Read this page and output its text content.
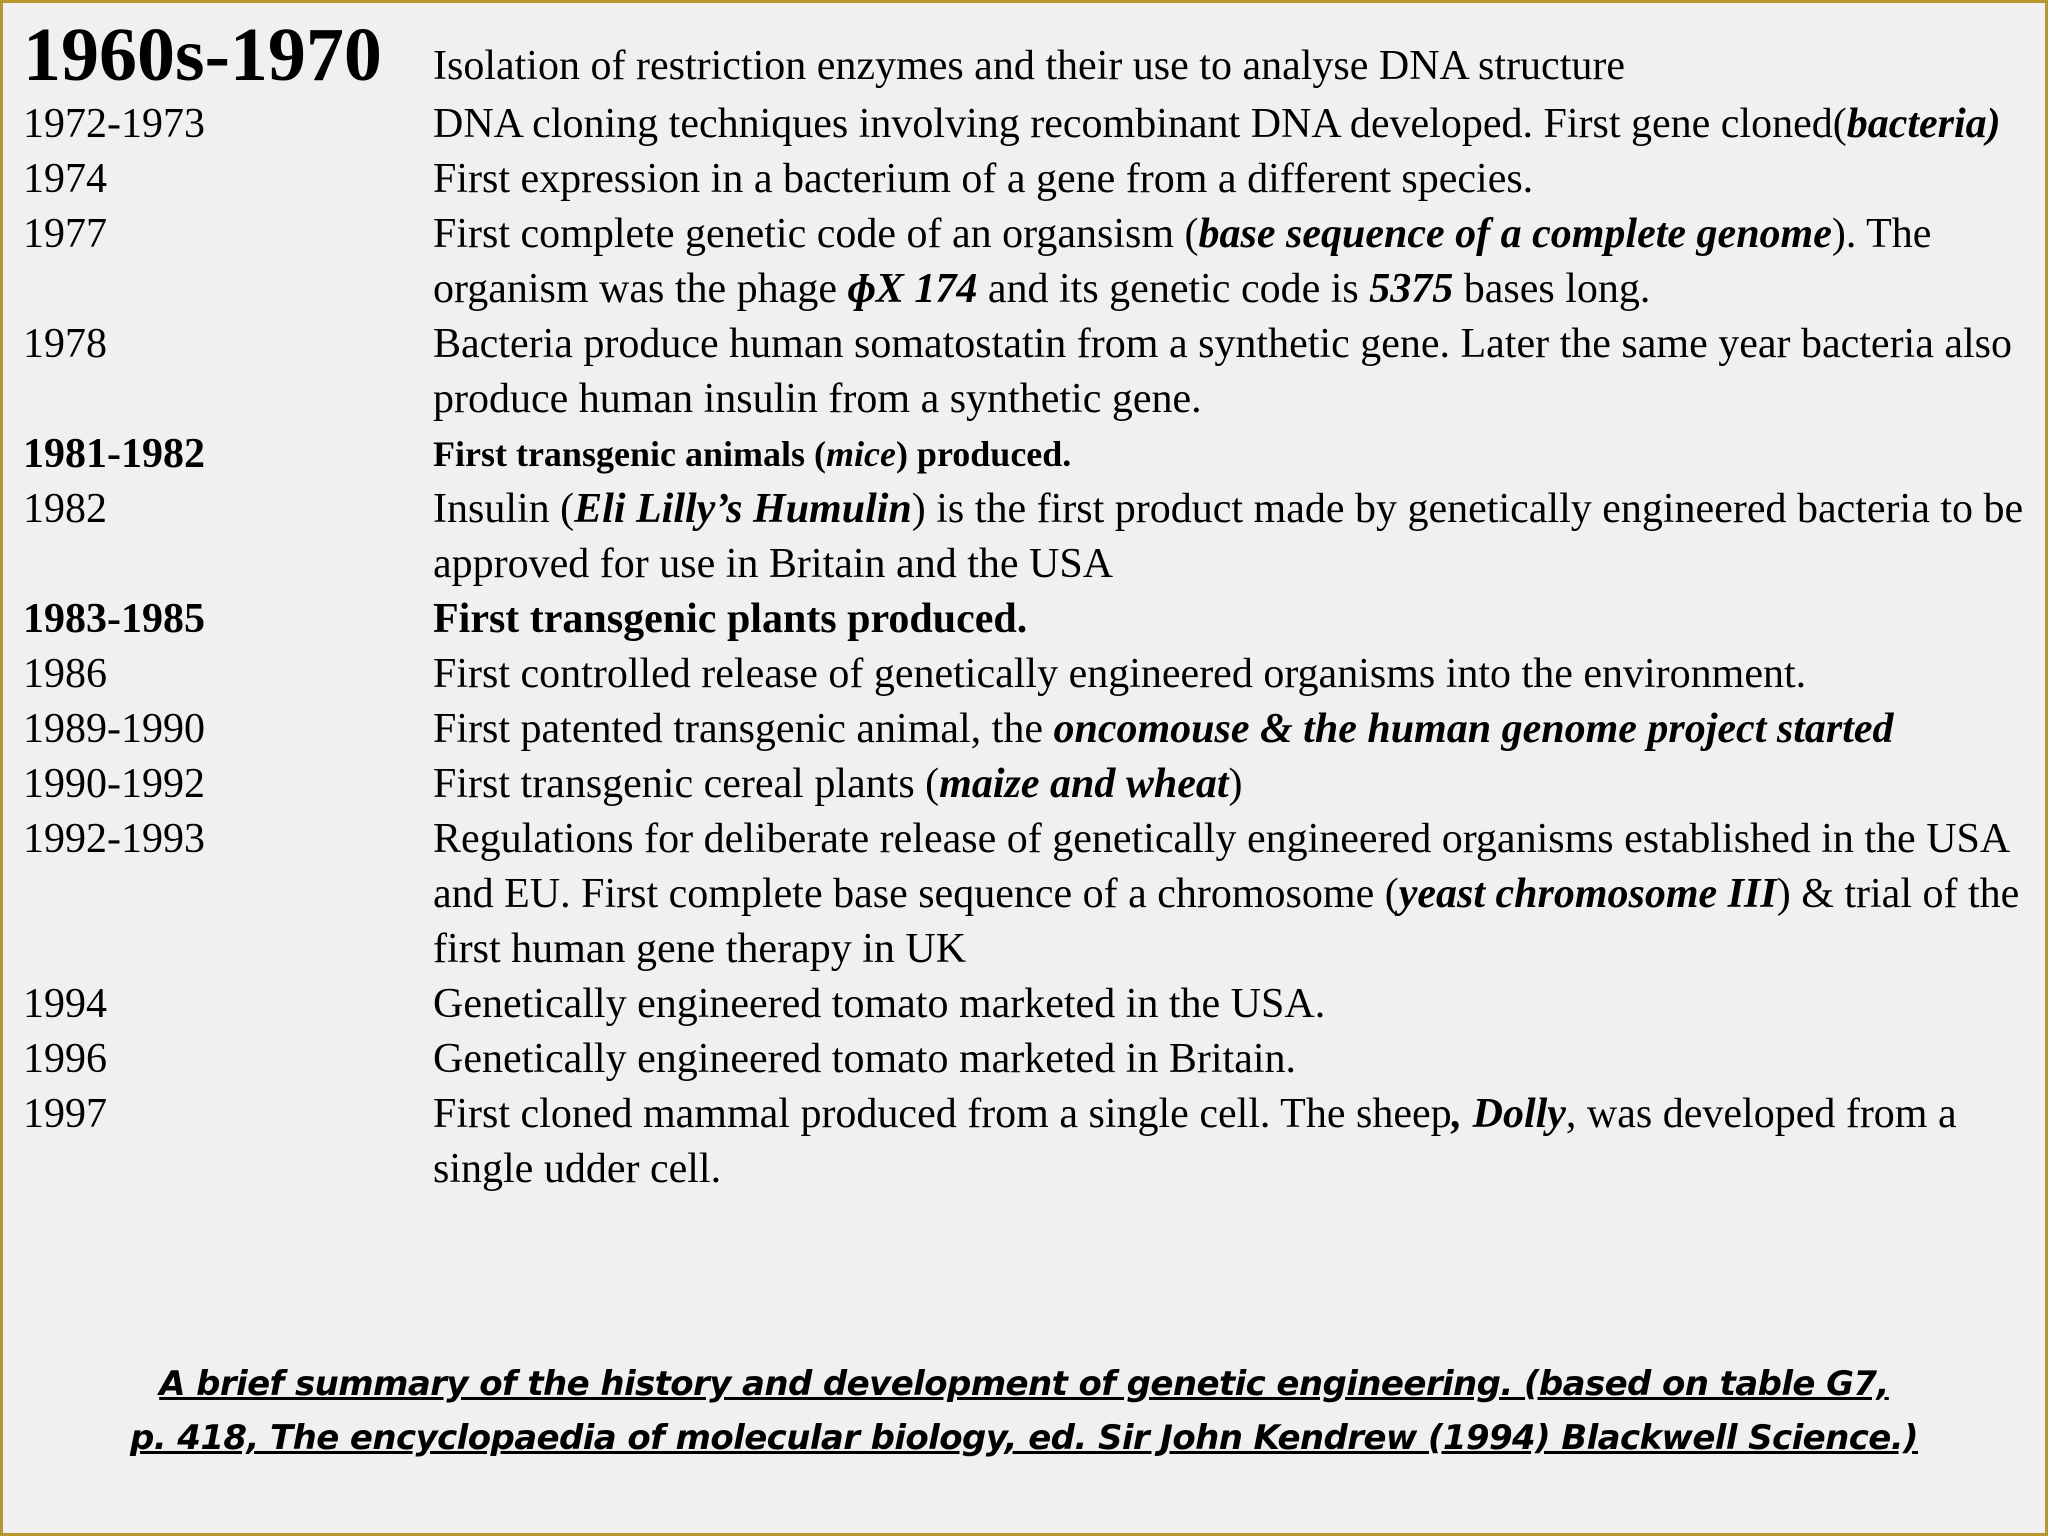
1960s-1970 Isolation of restriction enzymes and their use to analyse DNA structure
1972-1973	DNA cloning techniques involving recombinant DNA developed. First gene cloned(bacteria)
1974	First expression in a bacterium of a gene from a different species.
1977	First complete genetic code of an organsism (base sequence of a complete genome). The organism was the phage ɸX 174 and its genetic code is 5375 bases long.
1978	Bacteria produce human somatostatin from a synthetic gene. Later the same year bacteria also produce human insulin from a synthetic gene.
1981-1982	First transgenic animals (mice) produced.
1982	Insulin (Eli Lilly’s Humulin) is the first product made by genetically engineered bacteria to be approved for use in Britain and the USA
1983-1985	First transgenic plants produced.
1986	First controlled release of genetically engineered organisms into the environment.
1989-1990	First patented transgenic animal, the oncomouse & the human genome project started
1990-1992	First transgenic cereal plants (maize and wheat)
1992-1993	Regulations for deliberate release of genetically engineered organisms established in the USA and EU. First complete base sequence of a chromosome (yeast chromosome III) & trial of the first human gene therapy in UK
1994	Genetically engineered tomato marketed in the USA.
1996	Genetically engineered tomato marketed in Britain.
1997	First cloned mammal produced from a single cell. The sheep, Dolly, was developed from a single udder cell.
A brief summary of the history and development of genetic engineering. (based on table G7,
p. 418, The encyclopaedia of molecular biology, ed. Sir John Kendrew (1994) Blackwell Science.)
